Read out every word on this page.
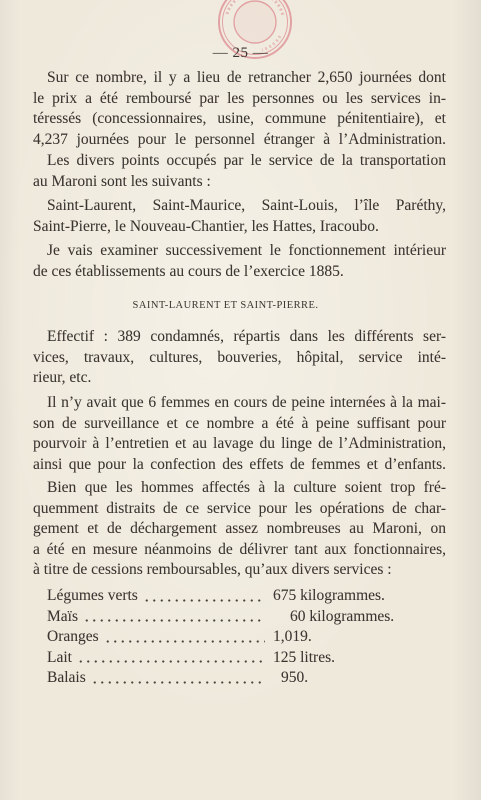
— 25 —
Sur ce nombre, il y a lieu de retrancher 2,650 journées dont
le prix a été remboursé par les personnes ou les services in-
téressés (concessionnaires, usine, commune pénitentiaire), et
4,237 journées pour le personnel étranger à l’Administration.
Les divers points occupés par le service de la transportation
au Maroni sont les suivants :
Saint-Laurent, Saint-Maurice, Saint-Louis, l’île Paréthy,
Saint-Pierre, le Nouveau-Chantier, les Hattes, Iracoubo.
Je vais examiner successivement le fonctionnement intérieur
de ces établissements au cours de l’exercice 1885.
SAINT-LAURENT ET SAINT-PIERRE.
Effectif : 389 condamnés, répartis dans les différents ser-
vices, travaux, cultures, bouveries, hôpital, service inté-
rieur, etc.
Il n’y avait que 6 femmes en cours de peine internées à la mai-
son de surveillance et ce nombre a été à peine suffisant pour
pourvoir à l’entretien et au lavage du linge de l’Administration,
ainsi que pour la confection des effets de femmes et d’enfants.
Bien que les hommes affectés à la culture soient trop fré-
quemment distraits de ce service pour les opérations de char-
gement et de déchargement assez nombreuses au Maroni, on
a été en mesure néanmoins de délivrer tant aux fonctionnaires,
à titre de cessions remboursables, qu’aux divers services :
Légumes verts	675 kilogrammes.
Maïs	60 kilogrammes.
Oranges	1,019.
Lait	125 litres.
Balais	950.
